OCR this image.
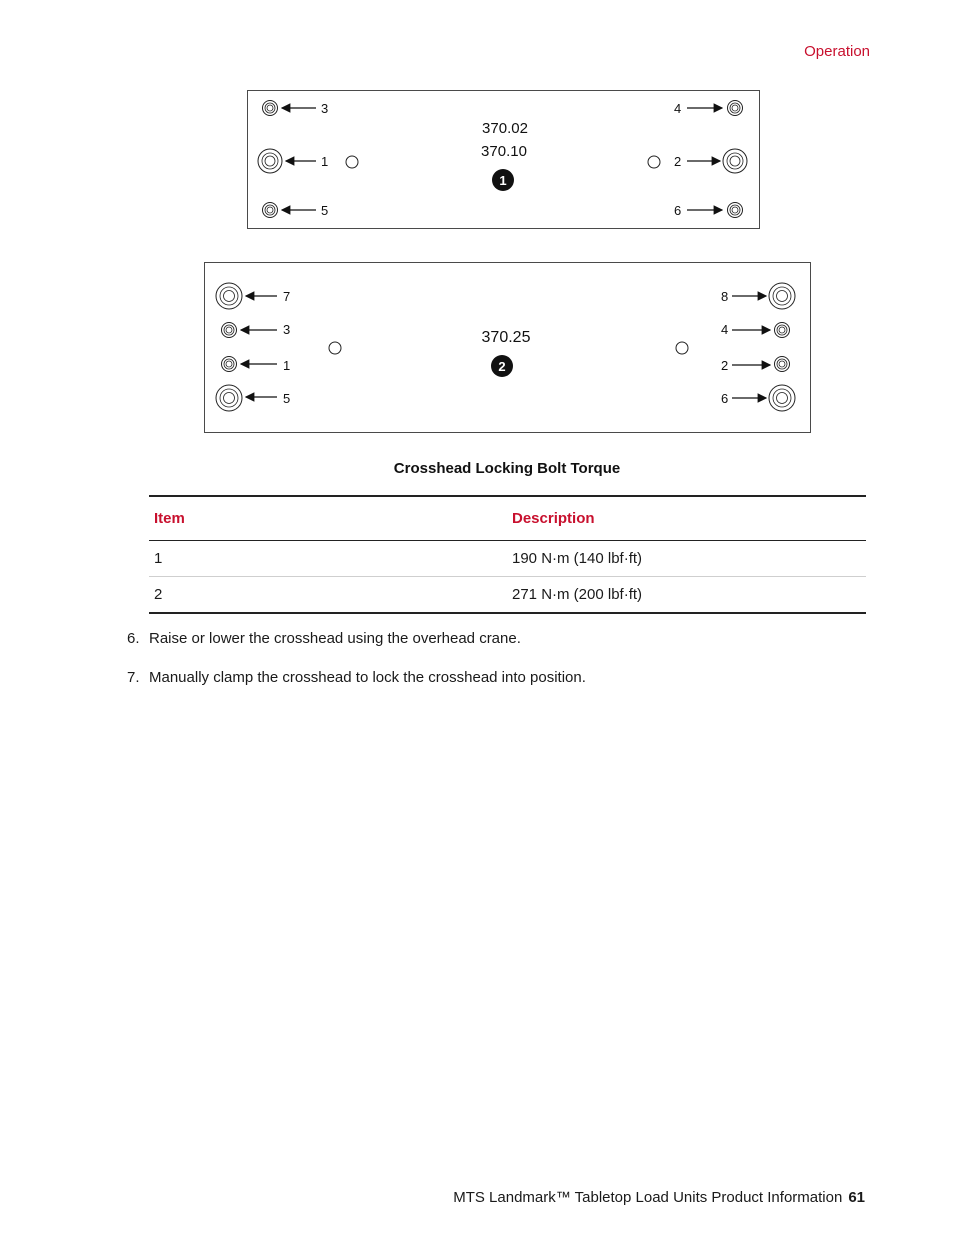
Operation
3
1
5
370.02
370.10
1
4
2
6
7
3
1
5
370.25
2
8
4
2
6
Crosshead Locking Bolt Torque
Item	Description
1	190 N·m (140 lbf·ft)
2	271 N·m (200 lbf·ft)
6. Raise or lower the crosshead using the overhead crane.
7. Manually clamp the crosshead to lock the crosshead into position.
MTS Landmark™ Tabletop Load Units Product Information 61
